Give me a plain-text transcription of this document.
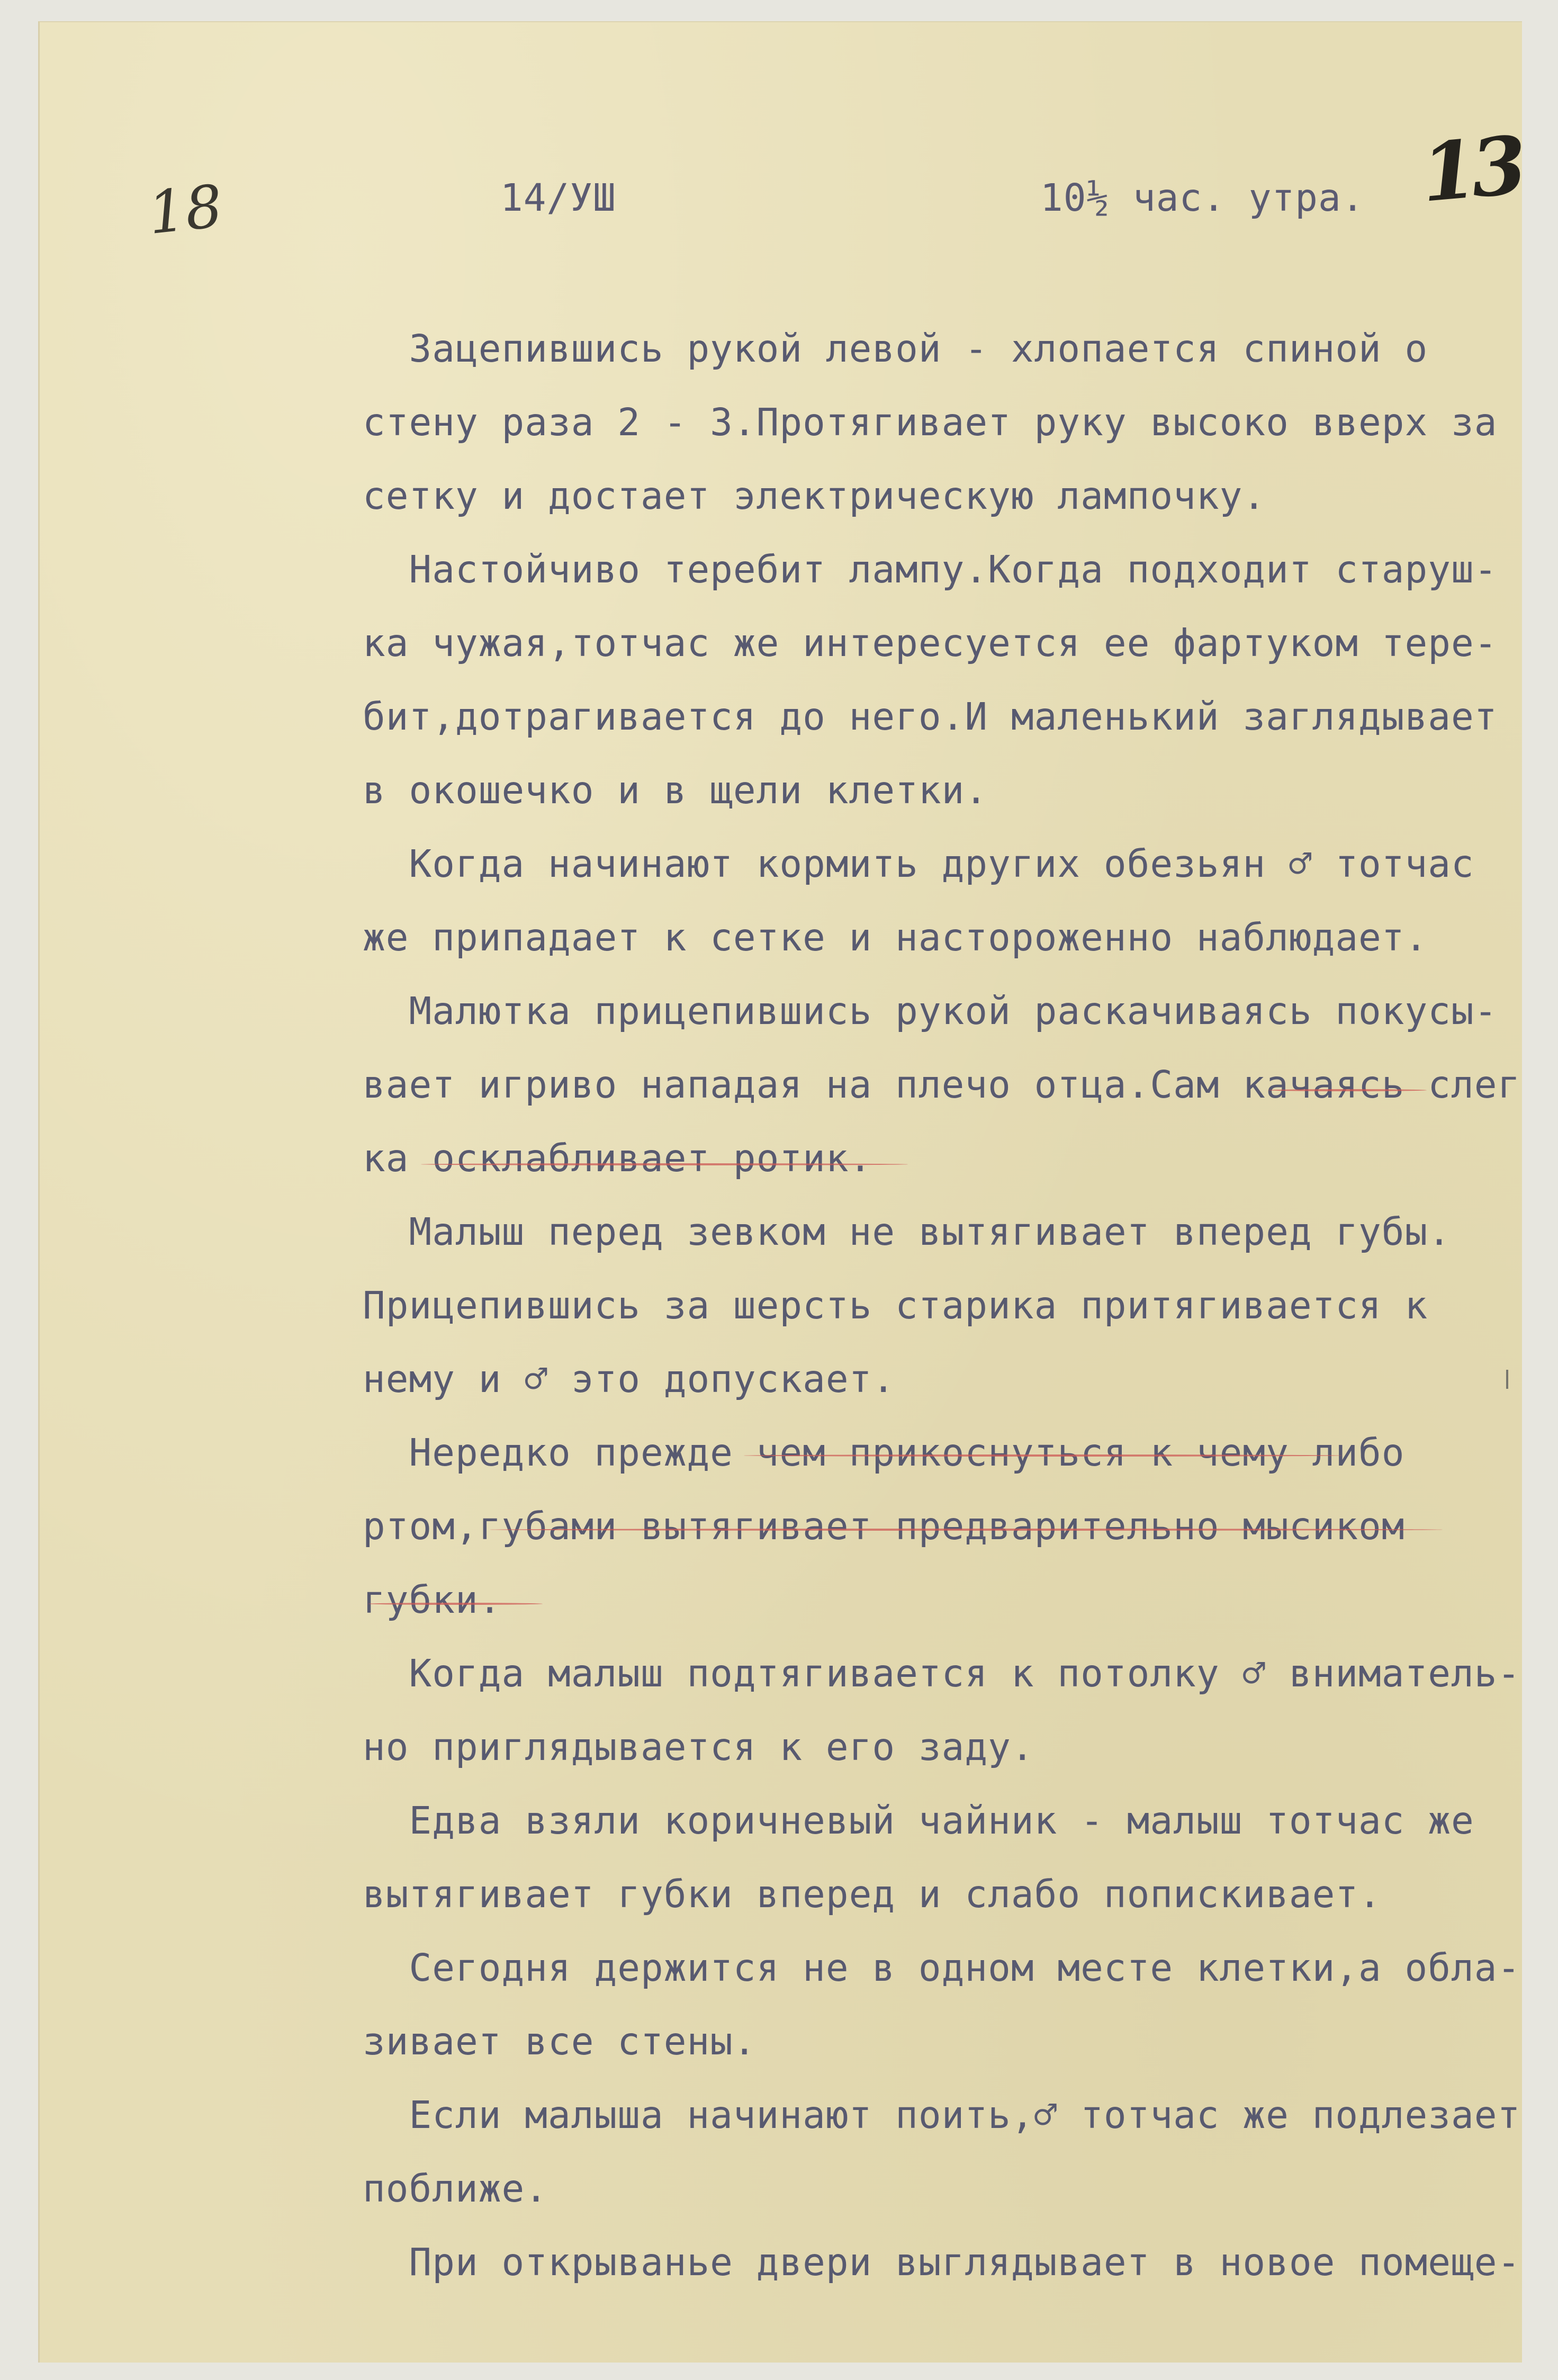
18	13
14/УШ	10½ час. утра.
Зацепившись рукой левой - хлопается спиной о
стену раза 2 - 3.Протягивает руку высоко вверх за
сетку и достает электрическую лампочку.
Настойчиво теребит лампу.Когда подходит старуш-
ка чужая,тотчас же интересуется ее фартуком тере-
бит,дотрагивается до него.И маленький заглядывает
в окошечко и в щели клетки.
Когда начинают кормить других обезьян ♂ тотчас
же припадает к сетке и настороженно наблюдает.
Малютка прицепившись рукой раскачиваясь покусы-
вает игриво нападая на плечо отца.Сам качаясь слег
ка осклабливает ротик.
Малыш перед зевком не вытягивает вперед губы.
Прицепившись за шерсть старика притягивается к
нему и ♂ это допускает.
Нередко прежде чем прикоснуться к чему либо
ртом,губами вытягивает предварительно мысиком
губки.
Когда малыш подтягивается к потолку ♂ вниматель-
но приглядывается к его заду.
Едва взяли коричневый чайник - малыш тотчас же
вытягивает губки вперед и слабо попискивает.
Сегодня держится не в одном месте клетки,а обла-
зивает все стены.
Если малыша начинают поить,♂ тотчас же подлезает
поближе.
При открываньe двери выглядывает в новое помеще-
